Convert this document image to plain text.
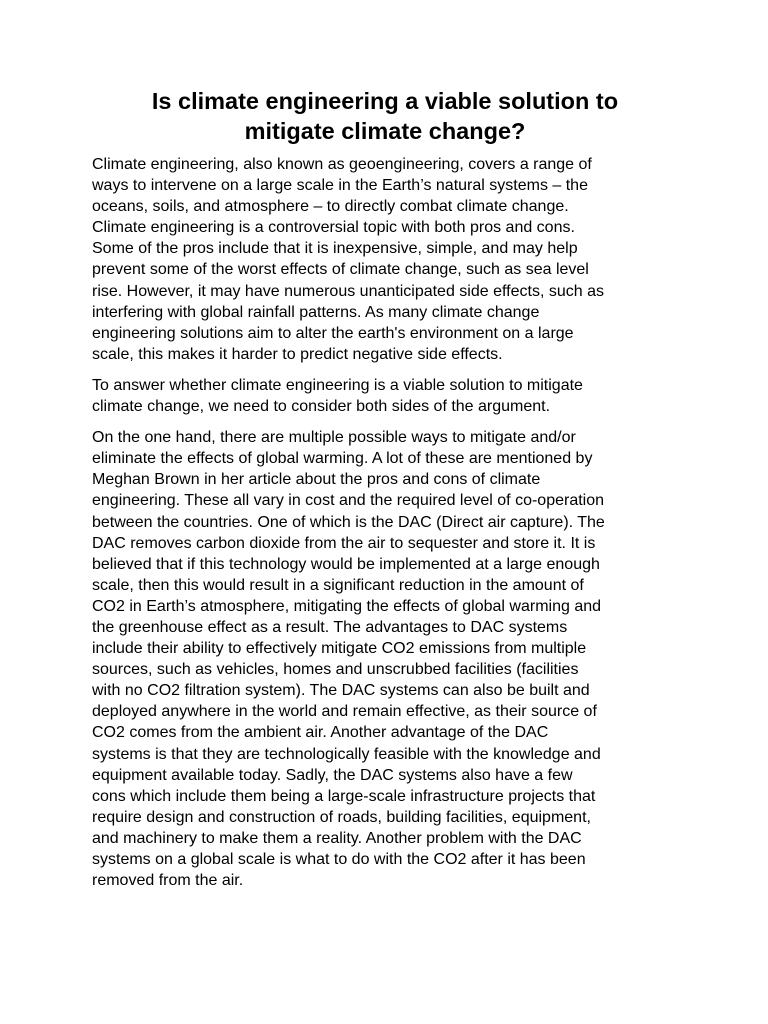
Is climate engineering a viable solution to
mitigate climate change?

Climate engineering, also known as geoengineering, covers a range of
ways to intervene on a large scale in the Earth’s natural systems – the
oceans, soils, and atmosphere – to directly combat climate change.
Climate engineering is a controversial topic with both pros and cons.
Some of the pros include that it is inexpensive, simple, and may help
prevent some of the worst effects of climate change, such as sea level
rise. However, it may have numerous unanticipated side effects, such as
interfering with global rainfall patterns. As many climate change
engineering solutions aim to alter the earth's environment on a large
scale, this makes it harder to predict negative side effects.

To answer whether climate engineering is a viable solution to mitigate
climate change, we need to consider both sides of the argument.

On the one hand, there are multiple possible ways to mitigate and/or
eliminate the effects of global warming. A lot of these are mentioned by
Meghan Brown in her article about the pros and cons of climate
engineering. These all vary in cost and the required level of co-operation
between the countries. One of which is the DAC (Direct air capture). The
DAC removes carbon dioxide from the air to sequester and store it. It is
believed that if this technology would be implemented at a large enough
scale, then this would result in a significant reduction in the amount of
CO2 in Earth’s atmosphere, mitigating the effects of global warming and
the greenhouse effect as a result. The advantages to DAC systems
include their ability to effectively mitigate CO2 emissions from multiple
sources, such as vehicles, homes and unscrubbed facilities (facilities
with no CO2 filtration system). The DAC systems can also be built and
deployed anywhere in the world and remain effective, as their source of
CO2 comes from the ambient air. Another advantage of the DAC
systems is that they are technologically feasible with the knowledge and
equipment available today. Sadly, the DAC systems also have a few
cons which include them being a large-scale infrastructure projects that
require design and construction of roads, building facilities, equipment,
and machinery to make them a reality. Another problem with the DAC
systems on a global scale is what to do with the CO2 after it has been
removed from the air.
